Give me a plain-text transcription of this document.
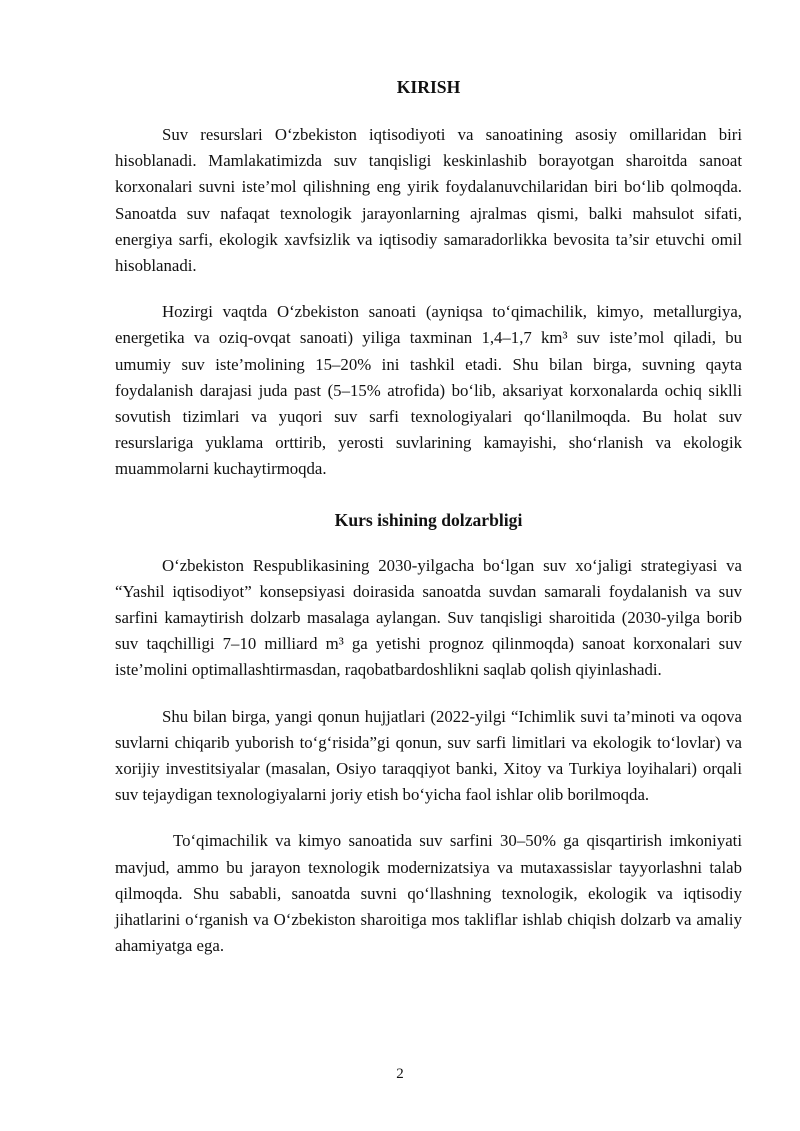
KIRISH

Suv resurslari O‘zbekiston iqtisodiyoti va sanoatining asosiy omillaridan biri hisoblanadi. Mamlakatimizda suv tanqisligi keskinlashib borayotgan sharoitda sanoat korxonalari suvni iste’mol qilishning eng yirik foydalanuvchilaridan biri bo‘lib qolmoqda. Sanoatda suv nafaqat texnologik jarayonlarning ajralmas qismi, balki mahsulot sifati, energiya sarfi, ekologik xavfsizlik va iqtisodiy samaradorlikka bevosita ta’sir etuvchi omil hisoblanadi.

Hozirgi vaqtda O‘zbekiston sanoati (ayniqsa to‘qimachilik, kimyo, metallurgiya, energetika va oziq-ovqat sanoati) yiliga taxminan 1,4–1,7 km³ suv iste’mol qiladi, bu umumiy suv iste’molining 15–20% ini tashkil etadi. Shu bilan birga, suvning qayta foydalanish darajasi juda past (5–15% atrofida) bo‘lib, aksariyat korxonalarda ochiq siklli sovutish tizimlari va yuqori suv sarfi texnologiyalari qo‘llanilmoqda. Bu holat suv resurslariga yuklama orttirib, yerosti suvlarining kamayishi, sho‘rlanish va ekologik muammolarni kuchaytirmoqda.

Kurs ishining dolzarbligi

O‘zbekiston Respublikasining 2030-yilgacha bo‘lgan suv xo‘jaligi strategiyasi va “Yashil iqtisodiyot” konsepsiyasi doirasida sanoatda suvdan samarali foydalanish va suv sarfini kamaytirish dolzarb masalaga aylangan. Suv tanqisligi sharoitida (2030-yilga borib suv taqchilligi 7–10 milliard m³ ga yetishi prognoz qilinmoqda) sanoat korxonalari suv iste’molini optimallashtirmasdan, raqobatbardoshlikni saqlab qolish qiyinlashadi.

Shu bilan birga, yangi qonun hujjatlari (2022-yilgi “Ichimlik suvi ta’minoti va oqova suvlarni chiqarib yuborish to‘g‘risida”gi qonun, suv sarfi limitlari va ekologik to‘lovlar) va xorijiy investitsiyalar (masalan, Osiyo taraqqiyot banki, Xitoy va Turkiya loyihalari) orqali suv tejaydigan texnologiyalarni joriy etish bo‘yicha faol ishlar olib borilmoqda.

To‘qimachilik va kimyo sanoatida suv sarfini 30–50% ga qisqartirish imkoniyati mavjud, ammo bu jarayon texnologik modernizatsiya va mutaxassislar tayyorlashni talab qilmoqda. Shu sababli, sanoatda suvni qo‘llashning texnologik, ekologik va iqtisodiy jihatlarini o‘rganish va O‘zbekiston sharoitiga mos takliflar ishlab chiqish dolzarb va amaliy ahamiyatga ega.

2
